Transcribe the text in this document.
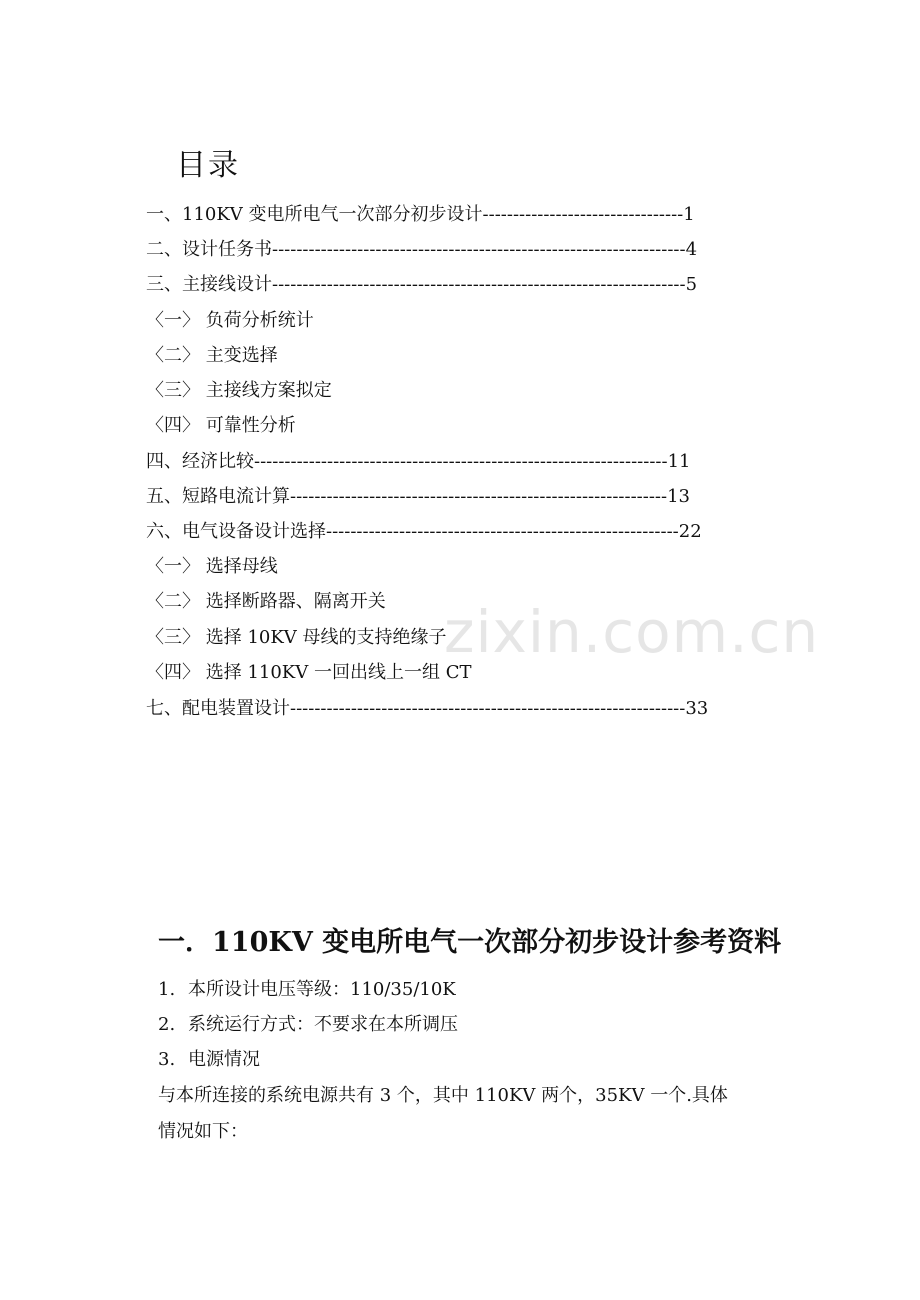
目录
一、110KV 变电所电气一次部分初步设计---------------------------------1
二、设计任务书--------------------------------------------------------------------4
三、主接线设计--------------------------------------------------------------------5
〈一〉 负荷分析统计
〈二〉 主变选择
〈三〉 主接线方案拟定
〈四〉 可靠性分析
四、经济比较--------------------------------------------------------------------11
五、短路电流计算--------------------------------------------------------------13
六、电气设备设计选择----------------------------------------------------------22
〈一〉 选择母线
〈二〉 选择断路器、隔离开关
〈三〉 选择 10KV 母线的支持绝缘子
〈四〉 选择 110KV 一回出线上一组 CT
七、配电装置设计-----------------------------------------------------------------33
zixin.com.cn
一．110KV 变电所电气一次部分初步设计参考资料
1. 本所设计电压等级：110/35/10K
2. 系统运行方式：不要求在本所调压
3. 电源情况
与本所连接的系统电源共有 3 个，其中 110KV 两个，35KV 一个.具体
情况如下：
